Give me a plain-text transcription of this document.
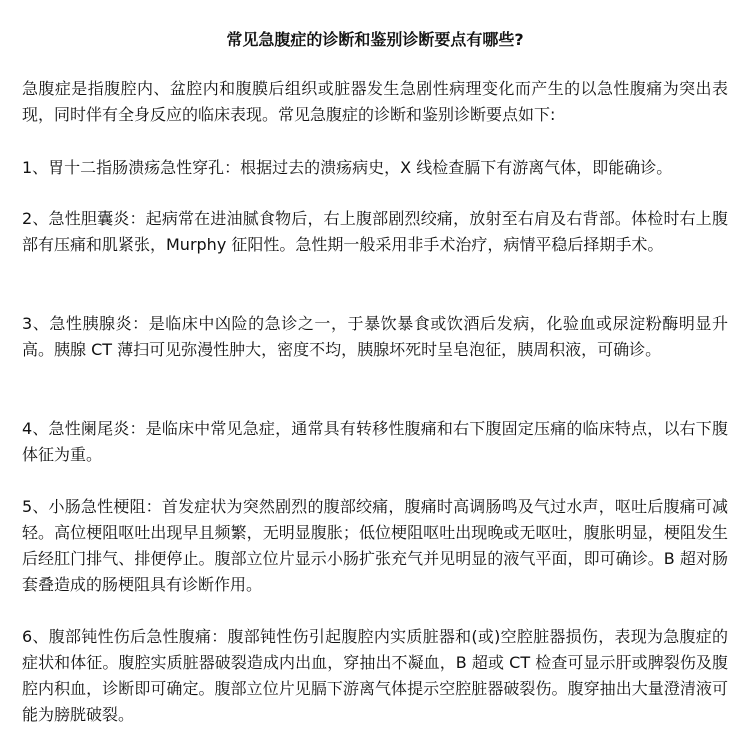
常见急腹症的诊断和鉴别诊断要点有哪些?

急腹症是指腹腔内、盆腔内和腹膜后组织或脏器发生急剧性病理变化而产生的以急性腹痛为突出表现，同时伴有全身反应的临床表现。常见急腹症的诊断和鉴别诊断要点如下:

1、胃十二指肠溃疡急性穿孔：根据过去的溃疡病史，X 线检查膈下有游离气体，即能确诊。

2、急性胆囊炎：起病常在进油腻食物后，右上腹部剧烈绞痛，放射至右肩及右背部。体检时右上腹部有压痛和肌紧张，Murphy 征阳性。急性期一般采用非手术治疗，病情平稳后择期手术。

3、急性胰腺炎：是临床中凶险的急诊之一，于暴饮暴食或饮酒后发病，化验血或尿淀粉酶明显升高。胰腺 CT 薄扫可见弥漫性肿大，密度不均，胰腺坏死时呈皂泡征，胰周积液，可确诊。

4、急性阑尾炎：是临床中常见急症，通常具有转移性腹痛和右下腹固定压痛的临床特点，以右下腹体征为重。

5、小肠急性梗阻：首发症状为突然剧烈的腹部绞痛，腹痛时高调肠鸣及气过水声，呕吐后腹痛可减轻。高位梗阻呕吐出现早且频繁，无明显腹胀；低位梗阻呕吐出现晚或无呕吐，腹胀明显，梗阻发生后经肛门排气、排便停止。腹部立位片显示小肠扩张充气并见明显的液气平面，即可确诊。B 超对肠套叠造成的肠梗阻具有诊断作用。

6、腹部钝性伤后急性腹痛：腹部钝性伤引起腹腔内实质脏器和(或)空腔脏器损伤，表现为急腹症的症状和体征。腹腔实质脏器破裂造成内出血，穿抽出不凝血，B 超或 CT 检查可显示肝或脾裂伤及腹腔内积血，诊断即可确定。腹部立位片见膈下游离气体提示空腔脏器破裂伤。腹穿抽出大量澄清液可能为膀胱破裂。
